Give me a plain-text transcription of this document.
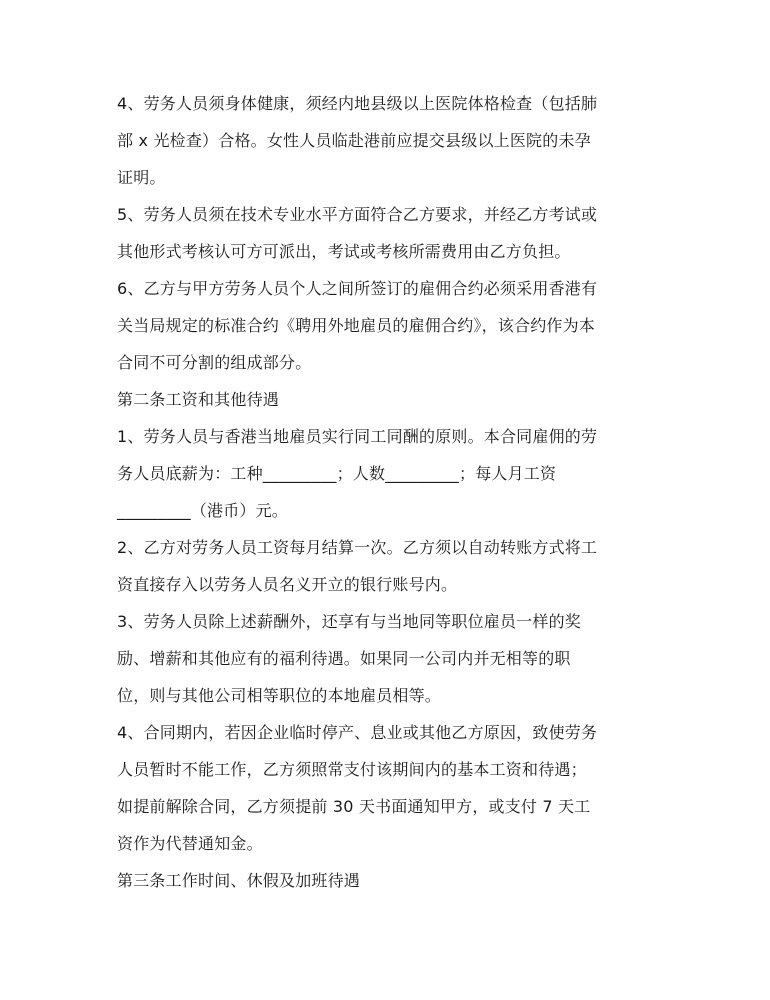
4、劳务人员须身体健康，须经内地县级以上医院体格检查（包括肺
部 x 光检查）合格。女性人员临赴港前应提交县级以上医院的未孕
证明。
5、劳务人员须在技术专业水平方面符合乙方要求，并经乙方考试或
其他形式考核认可方可派出，考试或考核所需费用由乙方负担。
6、乙方与甲方劳务人员个人之间所签订的雇佣合约必须采用香港有
关当局规定的标准合约《聘用外地雇员的雇佣合约》，该合约作为本
合同不可分割的组成部分。
第二条工资和其他待遇
1、劳务人员与香港当地雇员实行同工同酬的原则。本合同雇佣的劳
务人员底薪为：工种_________；人数_________；每人月工资
_________（港币）元。
2、乙方对劳务人员工资每月结算一次。乙方须以自动转账方式将工
资直接存入以劳务人员名义开立的银行账号内。
3、劳务人员除上述薪酬外，还享有与当地同等职位雇员一样的奖
励、增薪和其他应有的福利待遇。如果同一公司内并无相等的职
位，则与其他公司相等职位的本地雇员相等。
4、合同期内，若因企业临时停产、息业或其他乙方原因，致使劳务
人员暂时不能工作，乙方须照常支付该期间内的基本工资和待遇；
如提前解除合同，乙方须提前 30 天书面通知甲方，或支付 7 天工
资作为代替通知金。
第三条工作时间、休假及加班待遇
